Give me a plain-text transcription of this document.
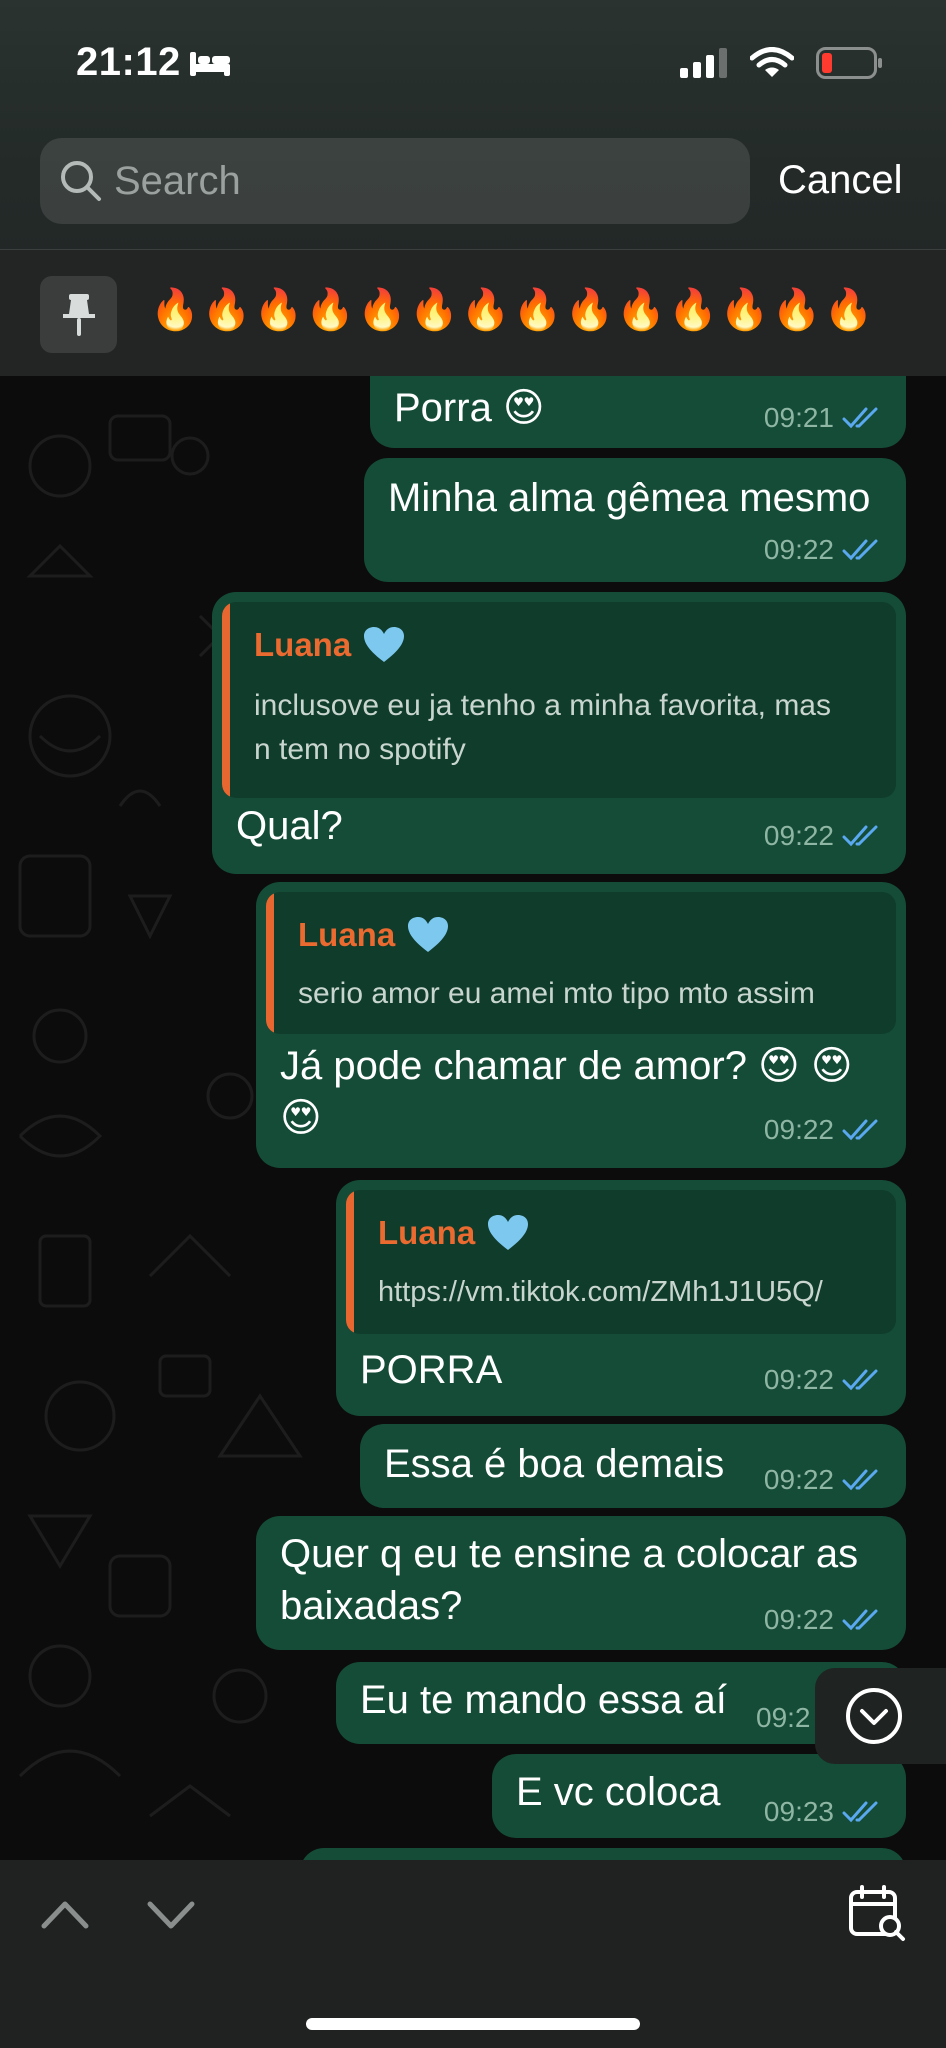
Porra 😍	09:21
Minha alma gêmea mesmo
09:22
Luana
inclusove eu ja tenho a minha favorita, mas
n tem no spotify
Qual?	09:22
Luana
serio amor eu amei mto tipo mto assim
Já pode chamar de amor? 😍 😍
😍	09:22
Luana
https://vm.tiktok.com/ZMh1J1U5Q/
PORRA	09:22
Essa é boa demais 09:22
Quer q eu te ensine a colocar as
baixadas?	09:22
Eu te mando essa aí 09:2
E vc coloca 09:23
21:12
Search
Cancel
🔥🔥🔥🔥🔥🔥🔥🔥🔥🔥🔥🔥🔥🔥
